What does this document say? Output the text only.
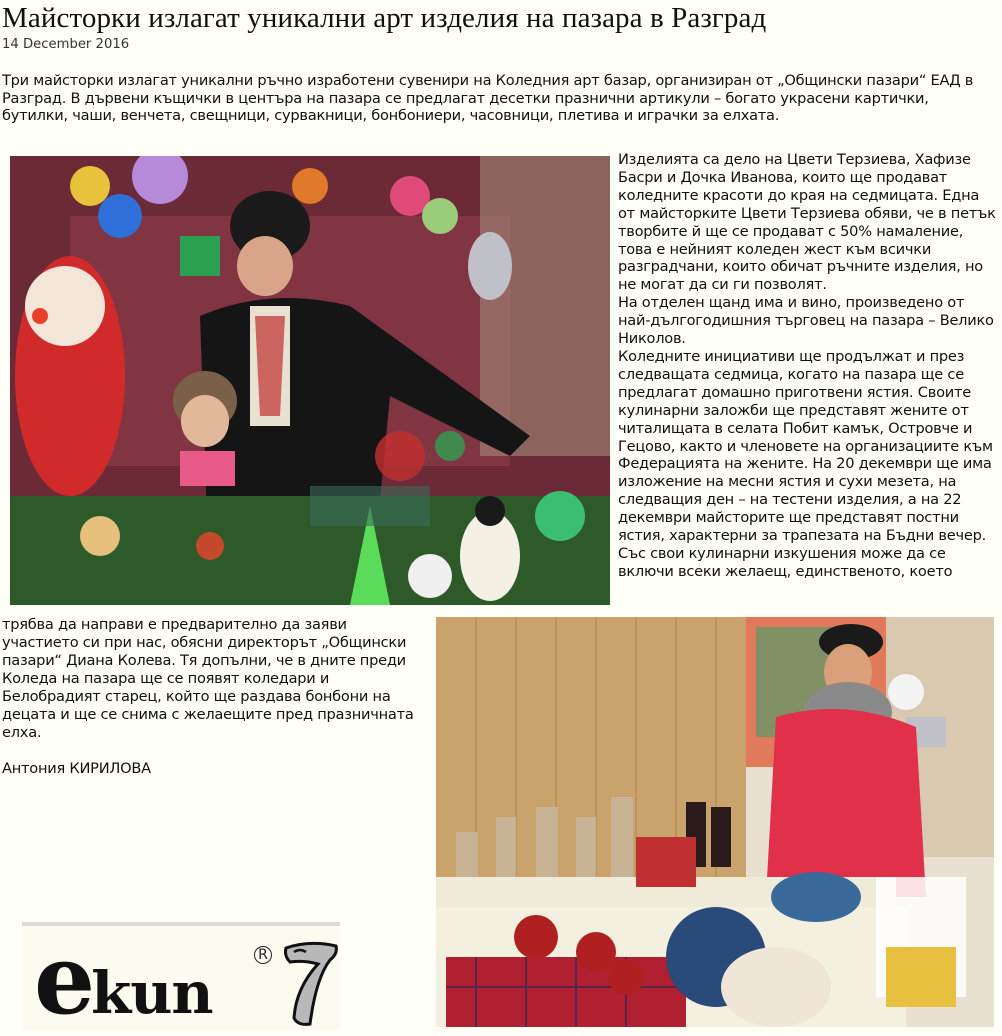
Майсторки излагат уникални арт изделия на пазара в Разград
14 December 2016
Три майсторки излагат уникални ръчно изработени сувенири на Коледния арт базар, организиран от „Общински пазари“ ЕАД в Разград. В дървени къщички в центъра на пазара се предлагат десетки празнични артикули – богато украсени картички, бутилки, чаши, венчета, свещници, сурвакници, бонбониери, часовници, плетива и играчки за елхата.

Изделията са дело на Цвети Терзиева, Хафизе Басри и Дочка Иванова, които ще продават коледните красоти до края на седмицата. Една от майсторките Цвети Терзиева обяви, че в петък творбите й ще се продават с 50% намаление, това е нейният коледен жест към всички разградчани, които обичат ръчните изделия, но не могат да си ги позволят.

На отделен щанд има и вино, произведено от най-дългогодишния търговец на пазара – Велико Николов.

Коледните инициативи ще продължат и през следващата седмица, когато на пазара ще се предлагат домашно приготвени ястия. Своите кулинарни заложби ще представят жените от читалищата в селата Побит камък, Островче и Гецово, както и членовете на организациите към Федерацията на жените. На 20 декември ще има изложение на месни ястия и сухи мезета, на следващия ден – на тестени изделия, а на 22 декември майсторите ще представят постни ястия, характерни за трапезата на Бъдни вечер. Със свои кулинарни изкушения може да се включи всеки желаещ, единственото, което

трябва да направи е предварително да заяви участието си при нас, обясни директорът „Общински пазари“ Диана Колева. Тя допълни, че в дните преди Коледа на пазара ще се появят коледари и Белобрадият старец, който ще раздава бонбони на децата и ще се снима с желаещите пред празничната елха.

Антония КИРИЛОВА

ekun
R
